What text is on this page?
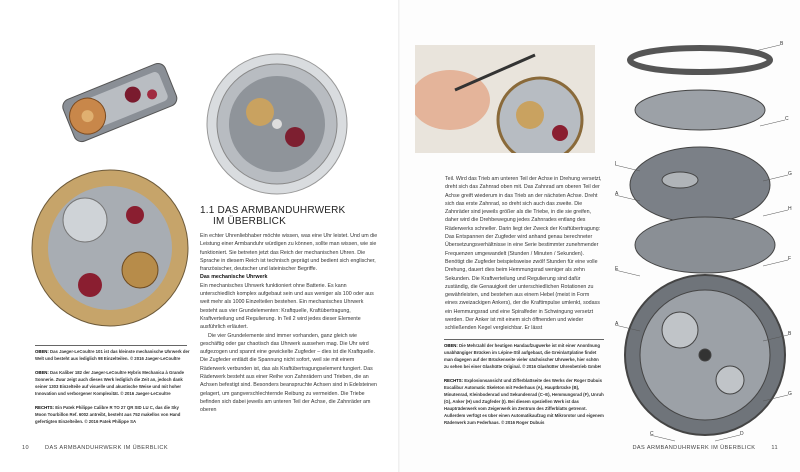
1.1 DAS ARMBANDUHRWERK
IM ÜBERBLICK

Ein echter Uhrenliebhaber möchte wissen, was eine Uhr leistet. Und um die Leistung einer Armbanduhr würdigen zu können, sollte man wissen, wie sie funktioniert. Sie betreten jetzt das Reich der mechanischen Uhren. Die Sprache in diesem Reich ist technisch geprägt und bedient sich englischer, französischer, deutscher und lateinischer Begriffe.

Das mechanische Uhrwerk

Ein mechanisches Uhrwerk funktioniert ohne Batterie. Es kann unterschiedlich komplex aufgebaut sein und aus weniger als 100 oder aus weit mehr als 1000 Einzelteilen bestehen. Ein mechanisches Uhrwerk besteht aus vier Grundelementen: Kraftquelle, Kraftübertragung, Kraftverteilung und Regulierung. In Teil 2 wird jedes dieser Elemente ausführlich erläutert.

Die vier Grundelemente sind immer vorhanden, ganz gleich wie geschäftig oder gar chaotisch das Uhrwerk aussehen mag. Die Uhr wird aufgezogen und spannt eine gewickelte Zugfeder – dies ist die Kraftquelle. Die Zugfeder entlädt die Spannung nicht sofort, weil sie mit einem Räderwerk verbunden ist, das als Kraftübertragungselement fungiert. Das Räderwerk besteht aus einer Reihe von Zahnrädern und Trieben, die an Achsen befestigt sind. Besonders beanspruchte Achsen sind in Edelsteinen gelagert, um gangverschlechternde Reibung zu vermeiden. Die Triebe befinden sich dabei jeweils am unteren Teil der Achse, die Zahnräder am oberen

OBEN: Das Jaeger-LeCoultre 101 ist das kleinste mechanische Uhrwerk der Welt und besteht aus lediglich 98 Einzelteilen. © 2016 Jaeger-LeCoultre

OBEN: Das Kaliber 182 der Jaeger-LeCoultre Hybris Mechanica à Grande Sonnerie. Zwar zeigt auch dieses Werk lediglich die Zeit an, jedoch dank seiner 1303 Einzelteile auf visuelle und akustische Weise und mit hoher Innovation und verborgener Komplexität. © 2016 Jaeger-LeCoultre

RECHTS: Ein Patek Philippe Calibre R TO 27 QR SID LU C, das die Sky Moon Tourbillon Ref. 6002 antreibt, besteht aus 752 makellos von Hand gefertigten Einzelteilen. © 2016 Patek Philippe SA

10	DAS ARMBANDUHRWERK IM ÜBERBLICK
Teil. Wird das Trieb am unteren Teil der Achse in Drehung versetzt, dreht sich das Zahnrad oben mit. Das Zahnrad am oberen Teil der Achse greift wiederum in das Trieb an der nächsten Achse. Dreht sich das erste Zahnrad, so dreht sich auch das zweite. Die Zahnräder sind jeweils größer als die Triebe, in die sie greifen, daher wird die Drehbewegung jedes Zahnrades entlang des Räderwerks schneller. Darin liegt der Zweck der Kraftübertragung: Das Entspannen der Zugfeder wird anhand genau berechneter Übersetzungsverhältnisse in eine Serie bestimmter zunehmender Frequenzen umgewandelt (Stunden / Minuten / Sekunden). Benötigt die Zugfeder beispielsweise zwölf Stunden für eine volle Drehung, dauert dies beim Hemmungsrad weniger als zehn Sekunden. Die Kraftverteilung und Regulierung sind dafür zuständig, die Genauigkeit der unterschiedlichen Rotationen zu gewährleisten, und bestehen aus einem Hebel (meist in Form eines zweizackigen Ankers), der die Kraftimpulse umlenkt, sodass ein Hemmungsrad und eine Spiralfeder in Schwingung versetzt werden. Der Anker ist mit einem sich öffnenden und wieder schließenden Kegel vergleichbar. Er lässt

OBEN: Die Mehrzahl der heutigen Handaufzugwerke ist mit einer Anordnung unabhängiger Brücken im Lépine-Stil aufgebaut, die Grein/artplatine findet man dagegen auf der Brückenseite vieler sächsischer Uhrwerke, hier schön zu sehen bei einer Glashütte Original. © 2016 Glashütter Uhrenbetrieb GmbH

RECHTS: Explosionsansicht und Zifferblattseite des Werks der Roger Dubuis Excalibur Automatic Skeleton mit Federhaus (A), Hauptbrücke (B), Minutenrad, Kleinbodenrad und Sekundenrad (C–E), Hemmungsrad (F), Unruh (G), Anker (H) und Zugfeder (I). Bei diesem speziellen Werk ist das Haupträderwerk vom Zeigerwerk im Zentrum des Zifferblatts getrennt. Außerdem verfügt es über einen Automatikaufzug mit Mikrorotor und eigenem Räderwerk zum Federhaus. © 2016 Roger Dubuis

B
C
I
G
A
H
F
E
D
C
A
B
G
DAS ARMBANDUHRWERK IM ÜBERBLICK	11
